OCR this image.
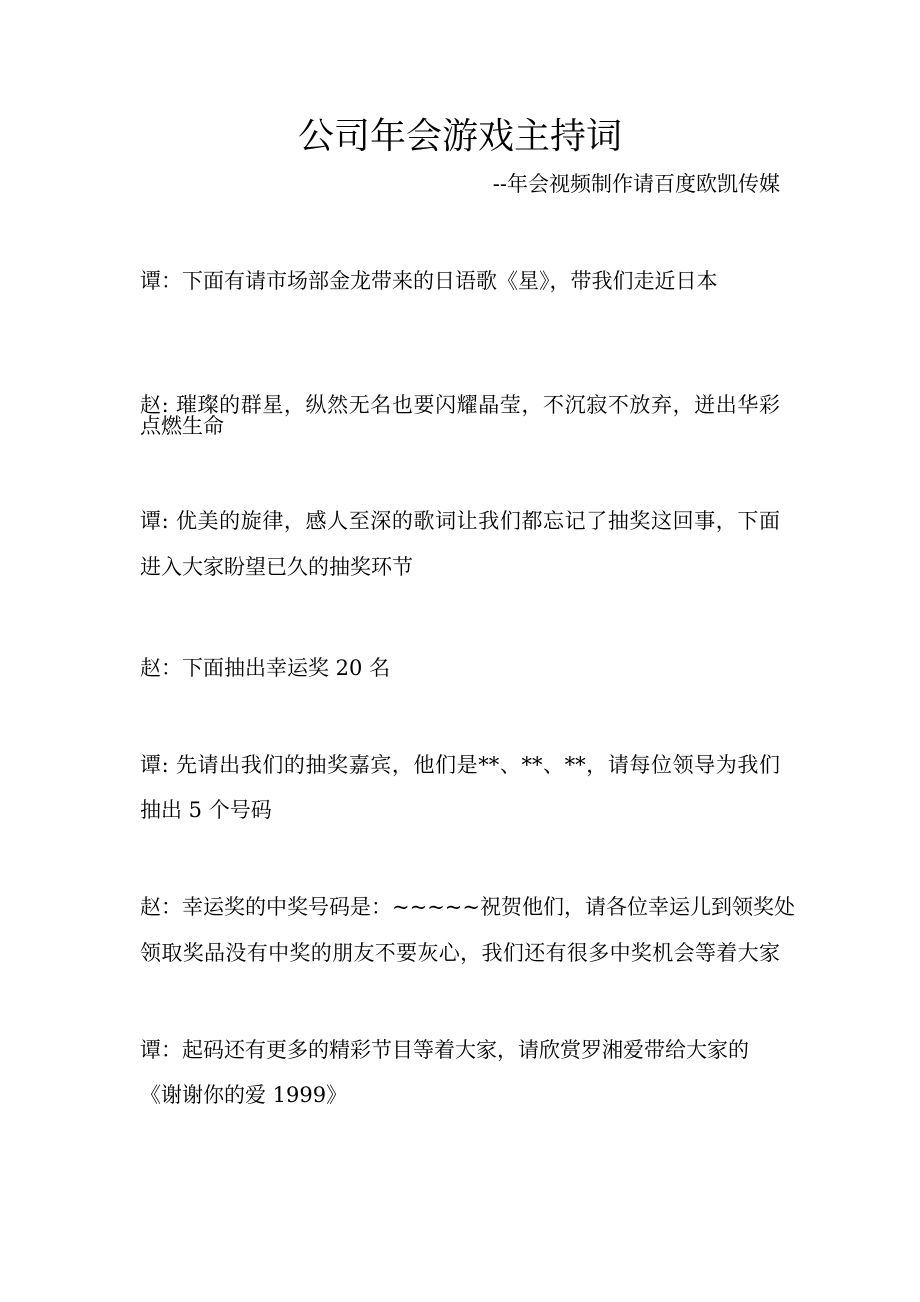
公司年会游戏主持词
--年会视频制作请百度欧凯传媒
谭：下面有请市场部金龙带来的日语歌《星》，带我们走近日本
赵: 璀璨的群星，纵然无名也要闪耀晶莹，不沉寂不放弃，迸出华彩
点燃生命
谭: 优美的旋律，感人至深的歌词让我们都忘记了抽奖这回事，下面
进入大家盼望已久的抽奖环节
赵：下面抽出幸运奖 20 名
谭: 先请出我们的抽奖嘉宾，他们是**、**、**，请每位领导为我们
抽出 5 个号码
赵：幸运奖的中奖号码是：~~~~~祝贺他们，请各位幸运儿到领奖处
领取奖品没有中奖的朋友不要灰心，我们还有很多中奖机会等着大家
谭：起码还有更多的精彩节目等着大家，请欣赏罗湘爱带给大家的
《谢谢你的爱 1999》
